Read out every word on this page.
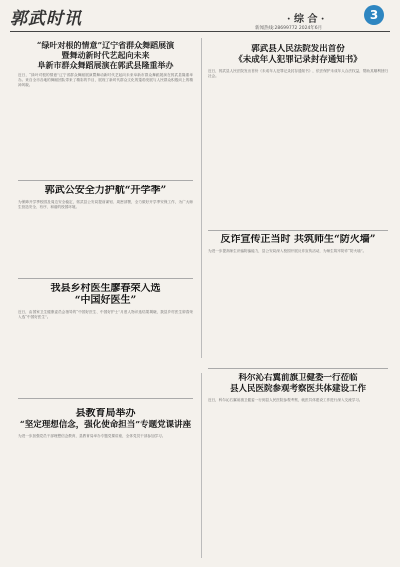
郭武时讯	· 综 合 ·	3
新闻热线:28699772 2024年6月
“绿叶对根的情意”辽宁省群众舞蹈展演
暨舞动新时代艺起向未来
阜新市群众舞蹈展演在郭武县隆重举办
近日，“绿叶对根的情意”辽宁省群众舞蹈展演暨舞动新时代艺起向未来阜新市群众舞蹈展演在郭武县隆重举办。来自全市各地的舞蹈团队带来了精彩的节目，展现了新时代群众文化的蓬勃发展与人民群众积极向上的精神风貌。
郭武公安全力护航“开学季”
为保障开学季校园及周边安全稳定，郭武县公安局提前谋划、周密部署，全力做好开学季安保工作，为广大师生营造安全、有序、和谐的校园环境。
我县乡村医生廖春荣入选
“中国好医生”
近日，由国家卫生健康委员会指导的“中国好医生、中国好护士”月度人物评选结果揭晓，我县乡村医生廖春荣入选“中国好医生”。
县教育局举办
“坚定理想信念，强化使命担当”专题党课讲座
为进一步加强党员干部理想信念教育，县教育局举办专题党课讲座，全体党员干部参加学习。
郭武县人民法院发出首份
《未成年人犯罪记录封存通知书》
近日，郭武县人民法院发出首份《未成年人犯罪记录封存通知书》，依法保护未成年人合法权益，帮助其顺利回归社会。
反诈宣传正当时 共筑师生“防火墙”
为进一步提高师生识骗防骗能力，县公安局深入校园开展反诈宣传活动，为师生筑牢防诈“防火墙”。
科尔沁右翼前旗卫健委一行莅临
县人民医院参观考察医共体建设工作
近日，科尔沁右翼前旗卫健委一行到县人民医院参观考察，就医共体建设工作进行深入交流学习。
